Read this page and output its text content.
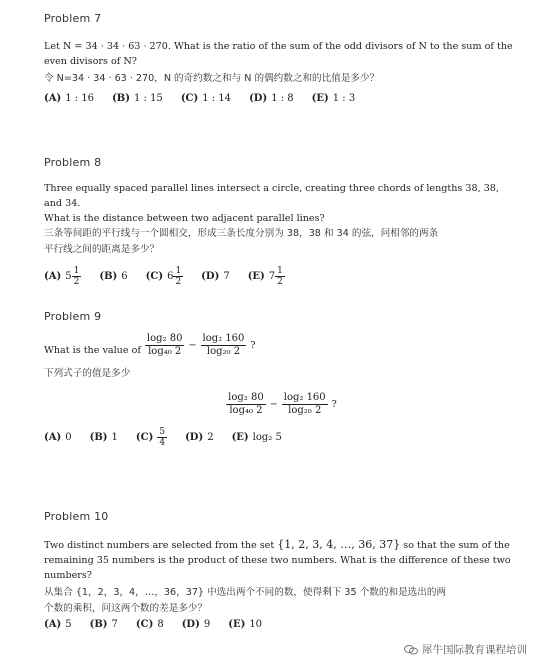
Problem 7
Let N = 34 · 34 · 63 · 270. What is the ratio of the sum of the odd divisors of N to the sum of the
even divisors of N?
令 N=34 · 34 · 63 · 270，N 的奇约数之和与 N 的偶约数之和的比值是多少？
(A) 1 : 16 (B) 1 : 15 (C) 1 : 14 (D) 1 : 8 (E) 1 : 3
Problem 8
Three equally spaced parallel lines intersect a circle, creating three chords of lengths 38, 38, and 34.
What is the distance between two adjacent parallel lines?
三条等间距的平行线与一个圆相交，形成三条长度分别为 38，38 和 34 的弦，问相邻的两条
平行线之间的距离是多少？
(A) $5 \frac{1}{2} (B)$ 6 (C) $6 \frac{1}{2} (D)$ 7 (E) $7 \frac{1}{2}$
Problem 9
What is the value of $\frac{\text{log₂ 80}}{\text{log₄₀ 2}} - \frac{\text{log₂ 160}}{\text{log₂₀ 2}}$ ?
下列式子的值是多少
$\frac{\text{log₂ 80}}{\text{log₄₀ 2}} - \frac{\text{log₂ 160}}{\text{log₂₀ 2}}$ ?
(A) 0 (B) 1 $(C) \frac{5}{4} (D)$ 2 (E) log₂ 5
Problem 10
Two distinct numbers are selected from the set {1, 2, 3, 4, …, 36, 37} so that the sum of the
remaining 35 numbers is the product of these two numbers. What is the difference of these two
numbers?
从集合 {1，2，3，4，…，36，37} 中选出两个不同的数，使得剩下 35 个数的和是选出的两
个数的乘积，问这两个数的差是多少？
(A) 5 (B) 7 (C) 8 (D) 9 (E) 10
犀牛国际教育课程培训
